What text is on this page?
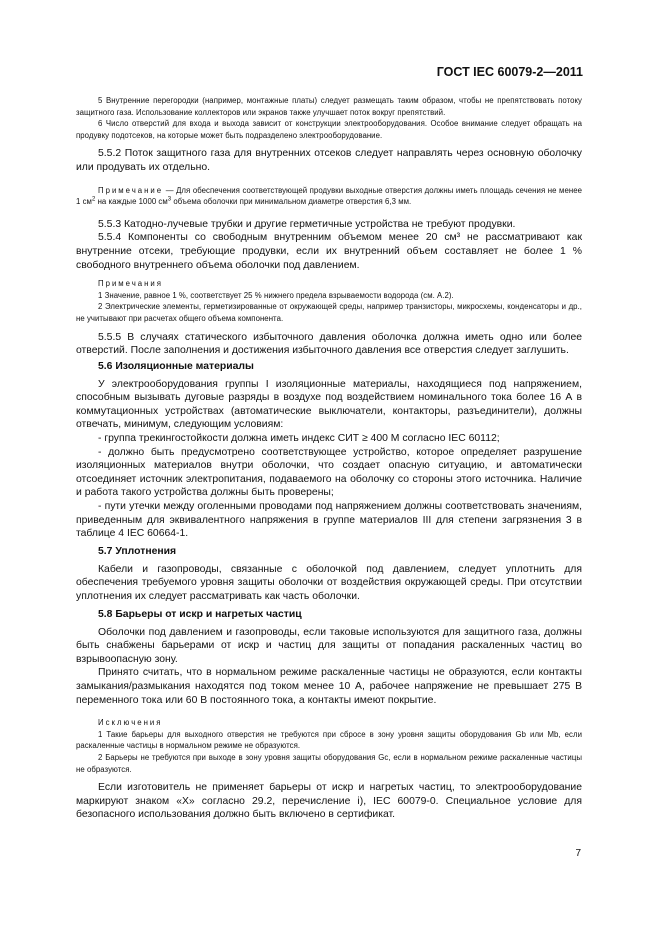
ГОСТ IEC 60079-2—2011

5 Внутренние перегородки (например, монтажные платы) следует размещать таким образом, чтобы не препятствовать потоку защитного газа. Использование коллекторов или экранов также улучшает поток вокруг препятствий.

6 Число отверстий для входа и выхода зависит от конструкции электрооборудования. Особое внимание следует обращать на продувку подотсеков, на которые может быть подразделено электрооборудование.

5.5.2 Поток защитного газа для внутренних отсеков следует направлять через основную оболочку или продувать их отдельно.

Примечание — Для обеспечения соответствующей продувки выходные отверстия должны иметь площадь сечения не менее 1 $см^2$ на каждые 1000 $см^3$ объема оболочки при минимальном диаметре отверстия 6,3 мм.

5.5.3 Катодно-лучевые трубки и другие герметичные устройства не требуют продувки.

5.5.4 Компоненты со свободным внутренним объемом менее 20 см³ не рассматривают как внутренние отсеки, требующие продувки, если их внутренний объем составляет не более 1 % свободного внутреннего объема оболочки под давлением.

Примечания

1 Значение, равное 1 %, соответствует 25 % нижнего предела взрываемости водорода (см. А.2).

2 Электрические элементы, герметизированные от окружающей среды, например транзисторы, микросхемы, конденсаторы и др., не учитывают при расчетах общего объема компонента.

5.5.5 В случаях статического избыточного давления оболочка должна иметь одно или более отверстий. После заполнения и достижения избыточного давления все отверстия следует заглушить.

5.6 Изоляционные материалы

У электрооборудования группы I изоляционные материалы, находящиеся под напряжением, способным вызывать дуговые разряды в воздухе под воздействием номинального тока более 16 А в коммутационных устройствах (автоматические выключатели, контакторы, разъединители), должны отвечать, минимум, следующим условиям:

- группа трекингостойкости должна иметь индекс СИТ ≥ 400 М согласно IEC 60112;

- должно быть предусмотрено соответствующее устройство, которое определяет разрушение изоляционных материалов внутри оболочки, что создает опасную ситуацию, и автоматически отсоединяет источник электропитания, подаваемого на оболочку со стороны этого источника. Наличие и работа такого устройства должны быть проверены;

- пути утечки между оголенными проводами под напряжением должны соответствовать значениям, приведенным для эквивалентного напряжения в группе материалов III для степени загрязнения 3 в таблице 4 IEC 60664-1.

5.7 Уплотнения

Кабели и газопроводы, связанные с оболочкой под давлением, следует уплотнить для обеспечения требуемого уровня защиты оболочки от воздействия окружающей среды. При отсутствии уплотнения их следует рассматривать как часть оболочки.

5.8 Барьеры от искр и нагретых частиц

Оболочки под давлением и газопроводы, если таковые используются для защитного газа, должны быть снабжены барьерами от искр и частиц для защиты от попадания раскаленных частиц во взрывоопасную зону.

Принято считать, что в нормальном режиме раскаленные частицы не образуются, если контакты замыкания/размыкания находятся под током менее 10 А, рабочее напряжение не превышает 275 В переменного тока или 60 В постоянного тока, а контакты имеют покрытие.

Исключения

1 Такие барьеры для выходного отверстия не требуются при сбросе в зону уровня защиты оборудования Gb или Mb, если раскаленные частицы в нормальном режиме не образуются.

2 Барьеры не требуются при выходе в зону уровня защиты оборудования Gc, если в нормальном режиме раскаленные частицы не образуются.

Если изготовитель не применяет барьеры от искр и нагретых частиц, то электрооборудование маркируют знаком «Х» согласно 29.2, перечисление i), IEC 60079-0. Специальное условие для безопасного использования должно быть включено в сертификат.

7
